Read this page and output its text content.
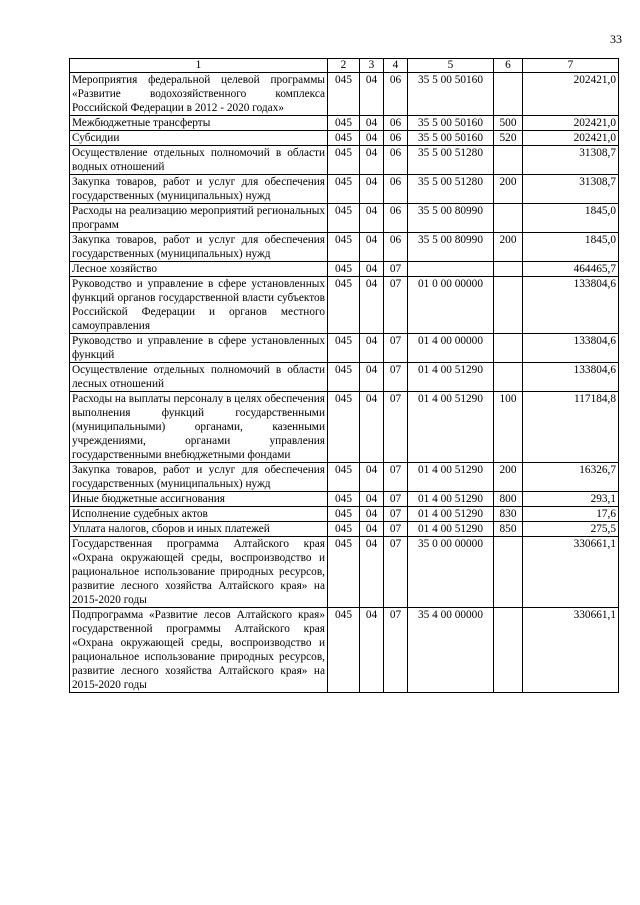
33
1	2	3	4	5	6	7
Мероприятия федеральной целевой программы «Развитие водохозяйственного комплекса Российской Федерации в 2012 - 2020 годах»	045	04	06	35 5 00 50160		202421,0
Межбюджетные трансферты	045	04	06	35 5 00 50160	500	202421,0
Субсидии	045	04	06	35 5 00 50160	520	202421,0
Осуществление отдельных полномочий в области водных отношений	045	04	06	35 5 00 51280		31308,7
Закупка товаров, работ и услуг для обеспечения государственных (муниципальных) нужд	045	04	06	35 5 00 51280	200	31308,7
Расходы на реализацию мероприятий региональных программ	045	04	06	35 5 00 80990		1845,0
Закупка товаров, работ и услуг для обеспечения государственных (муниципальных) нужд	045	04	06	35 5 00 80990	200	1845,0
Лесное хозяйство	045	04	07			464465,7
Руководство и управление в сфере установленных функций органов государственной власти субъектов Российской Федерации и органов местного самоуправления	045	04	07	01 0 00 00000		133804,6
Руководство и управление в сфере установленных функций	045	04	07	01 4 00 00000		133804,6
Осуществление отдельных полномочий в области лесных отношений	045	04	07	01 4 00 51290		133804,6
Расходы на выплаты персоналу в целях обеспечения выполнения функций государственными (муниципальными) органами, казенными учреждениями, органами управления государственными внебюджетными фондами	045	04	07	01 4 00 51290	100	117184,8
Закупка товаров, работ и услуг для обеспечения государственных (муниципальных) нужд	045	04	07	01 4 00 51290	200	16326,7
Иные бюджетные ассигнования	045	04	07	01 4 00 51290	800	293,1
Исполнение судебных актов	045	04	07	01 4 00 51290	830	17,6
Уплата налогов, сборов и иных платежей	045	04	07	01 4 00 51290	850	275,5
Государственная программа Алтайского края «Охрана окружающей среды, воспроизводство и рациональное использование природных ресурсов, развитие лесного хозяйства Алтайского края» на 2015-2020 годы	045	04	07	35 0 00 00000		330661,1
Подпрограмма «Развитие лесов Алтайского края» государственной программы Алтайского края «Охрана окружающей среды, воспроизводство и рациональное использование природных ресурсов, развитие лесного хозяйства Алтайского края» на 2015-2020 годы	045	04	07	35 4 00 00000		330661,1
